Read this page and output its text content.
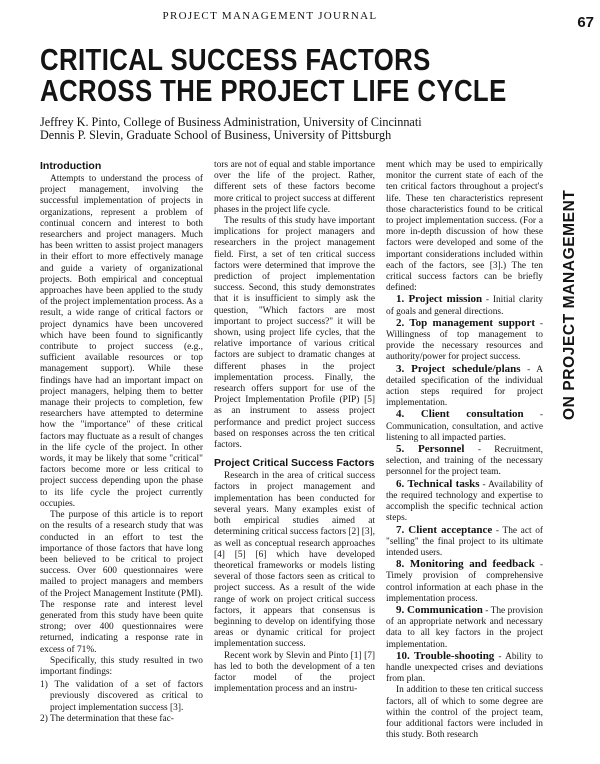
PROJECT MANAGEMENT JOURNAL	67
CRITICAL SUCCESS FACTORS
ACROSS THE PROJECT LIFE CYCLE
Jeffrey K. Pinto, College of Business Administration, University of Cincinnati
Dennis P. Slevin, Graduate School of Business, University of Pittsburgh
ON PROJECT MANAGEMENT
Introduction

Attempts to understand the process of project management, involving the successful implementation of projects in organizations, represent a problem of continual concern and interest to both researchers and project managers. Much has been written to assist project managers in their effort to more effectively manage and guide a variety of organizational projects. Both empirical and conceptual approaches have been applied to the study of the project implementation process. As a result, a wide range of critical factors or project dynamics have been uncovered which have been found to significantly contribute to project success (e.g., sufficient available resources or top management support). While these findings have had an important impact on project managers, helping them to better manage their projects to completion, few researchers have attempted to determine how the "importance" of these critical factors may fluctuate as a result of changes in the life cycle of the project. In other words, it may be likely that some "critical" factors become more or less critical to project success depending upon the phase to its life cycle the project currently occupies.

The purpose of this article is to report on the results of a research study that was conducted in an effort to test the importance of those factors that have long been believed to be critical to project success. Over 600 questionnaires were mailed to project managers and members of the Project Management Institute (PMI). The response rate and interest level generated from this study have been quite strong; over 400 questionnaires were returned, indicating a response rate in excess of 71%.

Specifically, this study resulted in two important findings:

1) The validation of a set of factors previously discovered as critical to project implementation success [3].
2) The determination that these fac-

tors are not of equal and stable importance over the life of the project. Rather, different sets of these factors become more critical to project success at different phases in the project life cycle.

The results of this study have important implications for project managers and researchers in the project management field. First, a set of ten critical success factors were determined that improve the prediction of project implementation success. Second, this study demonstrates that it is insufficient to simply ask the question, "Which factors are most important to project success?" it will be shown, using project life cycles, that the relative importance of various critical factors are subject to dramatic changes at different phases in the project implementation process. Finally, the research offers support for use of the Project Implementation Profile (PIP) [5] as an instrument to assess project performance and predict project success based on responses across the ten critical factors.

Project Critical Success Factors

Research in the area of critical success factors in project management and implementation has been conducted for several years. Many examples exist of both empirical studies aimed at determining critical success factors [2] [3], as well as conceptual research approaches [4] [5] [6] which have developed theoretical frameworks or models listing several of those factors seen as critical to project success. As a result of the wide range of work on project critical success factors, it appears that consensus is beginning to develop on identifying those areas or dynamic critical for project implementation success.

Recent work by Slevin and Pinto [1] [7] has led to both the development of a ten factor model of the project implementation process and an instru-

ment which may be used to empirically monitor the current state of each of the ten critical factors throughout a project's life. These ten characteristics represent those characteristics found to be critical to project implementation success. (For a more in-depth discussion of how these factors were developed and some of the important considerations included within each of the factors, see [3].) The ten critical success factors can be briefly defined:

1. Project mission - Initial clarity of goals and general directions.

2. Top management support - Willingness of top management to provide the necessary resources and authority/power for project success.

3. Project schedule/plans - A detailed specification of the individual action steps required for project implementation.

4. Client consultation - Communication, consultation, and active listening to all impacted parties.

5. Personnel - Recruitment, selection, and training of the necessary personnel for the project team.

6. Technical tasks - Availability of the required technology and expertise to accomplish the specific technical action steps.

7. Client acceptance - The act of "selling" the final project to its ultimate intended users.

8. Monitoring and feedback - Timely provision of comprehensive control information at each phase in the implementation process.

9. Communication - The provision of an appropriate network and necessary data to all key factors in the project implementation.

10. Trouble-shooting - Ability to handle unexpected crises and deviations from plan.

In addition to these ten critical success factors, all of which to some degree are within the control of the project team, four additional factors were included in this study. Both research
